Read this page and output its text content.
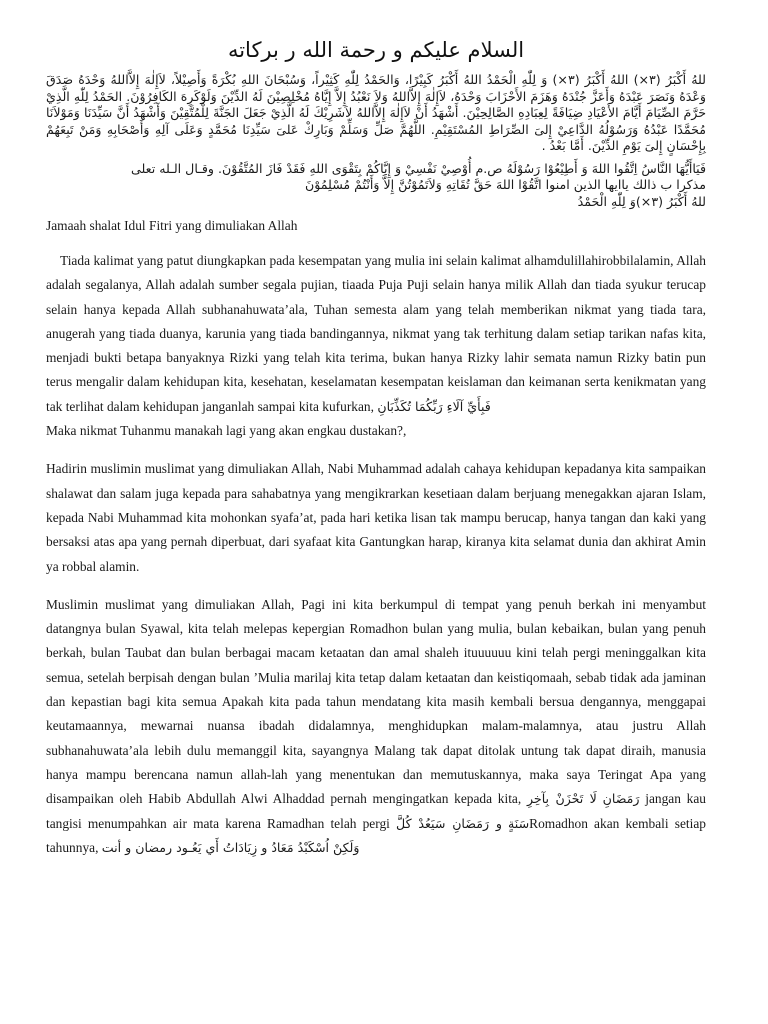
السلام عليكم و رحمة الله ر بركاته

للهُ أَكْبَرُ (٣×) اللهُ أَكْبَرُ (٣×) وَ لِلّٰهِ الْحَمْدُ اللهُ أَكْبَرُ كَبِيْرًا، وَالحَمْدُ لِلّٰهِ كَثِيْراً، وَسُبْحَانَ اللهِ بُكْرَةً وَأَصِيْلاً، لاَإِلٰهَ إِلاَّاللهُ وَحْدَهُ صَدَقَ وَعْدَهُ وَنَصَرَ عَبْدَهُ وَأَعَزَّ جُنْدَهُ وَهَزَمَ الأَحْزَابَ وَحْدَهُ، لاَإِلٰهَ إِلاَّاللهُ وَلاَ نَعْبُدُ إِلاَّ إِيَّاهُ مُخْلِصِيْنَ لَهُ الدِّيْنَ وَلَوْكَرِهَ الكَافِرُوْنَ. الحَمْدُ لِلّٰهِ الَّذِيْ حَرَّمَ الصِّيَامَ أَيَّامَ الأَعْيَادِ ضِيَافَةً لِعِبَادِهِ الصَّالِحِيْنَ. أَشْهَدُ أَنْ لاَإِلٰهَ إِلاَّاللهُ لاَشَرِيْكَ لَهُ الَّذِيْ جَعَلَ الجَنَّةَ لِلْمُتَّقِيْنَ وَأَشْهَدُ أَنَّ سَيِّدَنَا وَمَوْلاَنَا مُحَمَّدًا عَبْدُهُ وَرَسُوْلُهُ الدَّاعِيْ إِلىَ الصِّرَاطِ المُسْتَقِيْمِ. اللَّهُمَّ صَلِّ وَسَلِّمْ وَبَارِكْ عَلىَ سَيِّدِنَا مُحَمَّدٍ وَعَلَى آلِهِ وَأَصْحَابِهِ وَمَنْ تَبِعَهُمْ بِإِحْسَانٍ إِلىَ يَوْمِ الدِّيْنَ. أَمَّا بَعْدُ .

فَيَاأَيُّهَا النَّاسُ اِتَّقُوا اللهَ وَ أَطِيْعُوْا رَسُوْلَهُ ص.م أُوْصِيْ نَفْسِيْ وَ إِيَّاكُمْ بِتَقْوَى اللهِ فَقَدْ فَازَ المُتَّقُوْنَ. وقـال الـله تعلى
مذكرا ب ذالك ياايها الذين امنوا اتَّقُوْا اللهَ حَقَّ تُقَاتِهِ وَلاَتَمُوْتُنَّ إِلاَّ وَأَنْتُمْ مُسْلِمُوْنَ
للهُ أَكْبَرُ (٣×)وَ لِلّٰهِ الْحَمْدُ

Jamaah shalat Idul Fitri yang dimuliakan Allah

Tiada kalimat yang patut diungkapkan pada kesempatan yang mulia ini selain kalimat alhamdulillahirobbilalamin, Allah adalah segalanya, Allah adalah sumber segala pujian, tiaada Puja Puji selain hanya milik Allah dan tiada syukur terucap selain hanya kepada Allah subhanahuwata’ala, Tuhan semesta alam yang telah memberikan nikmat yang tiada tara, anugerah yang tiada duanya, karunia yang tiada bandingannya, nikmat yang tak terhitung dalam setiap tarikan nafas kita, menjadi bukti betapa banyaknya Rizki yang telah kita terima, bukan hanya Rizky lahir semata namun Rizky batin pun terus mengalir dalam kehidupan kita, kesehatan, keselamatan kesempatan keislaman dan keimanan serta kenikmatan yang tak terlihat dalam kehidupan janganlah sampai kita kufurkan, فَبِأَيِّ آلَاءِ رَبِّكُمَا تُكَذِّبَانِ
Maka nikmat Tuhanmu manakah lagi yang akan engkau dustakan?,

Hadirin muslimin muslimat yang dimuliakan Allah, Nabi Muhammad adalah cahaya kehidupan kepadanya kita sampaikan shalawat dan salam juga kepada para sahabatnya yang mengikrarkan kesetiaan dalam berjuang menegakkan ajaran Islam, kepada Nabi Muhammad kita mohonkan syafa’at, pada hari ketika lisan tak mampu berucap, hanya tangan dan kaki yang bersaksi atas apa yang pernah diperbuat, dari syafaat kita Gantungkan harap, kiranya kita selamat dunia dan akhirat Amin ya robbal alamin.

Muslimin muslimat yang dimuliakan Allah, Pagi ini kita berkumpul di tempat yang penuh berkah ini menyambut datangnya bulan Syawal, kita telah melepas kepergian Romadhon bulan yang mulia, bulan kebaikan, bulan yang penuh berkah, bulan Taubat dan bulan berbagai macam ketaatan dan amal shaleh ituuuuuu kini telah pergi meninggalkan kita semua, setelah berpisah dengan bulan ’Mulia marilaj kita tetap dalam ketaatan dan keistiqomaah, sebab tidak ada jaminan dan kepastian bagi kita semua Apakah kita pada tahun mendatang kita masih kembali bersua dengannya, menggapai keutamaannya, mewarnai nuansa ibadah didalamnya, menghidupkan malam-malamnya, atau justru Allah subhanahuwata’ala lebih dulu memanggil kita, sayangnya Malang tak dapat ditolak untung tak dapat diraih, manusia hanya mampu berencana namun allah-lah yang menentukan dan memutuskannya, maka saya Teringat Apa yang disampaikan oleh Habib Abdullah Alwi Alhaddad pernah mengingatkan kepada kita, لَا تَحْزَنْ بِآخِرِ رَمَضَانِ jangan kau tangisi menumpahkan air mata karena Ramadhan telah pergi و رَمَضَانِ سَيَعُدْ كُلَّ سَنَةٍRomadhon akan kembali setiap tahunnya, وَلَكِنْ اُسْكَبْدُ مَعَادُ و زِيَادَاتُ أَي يَعُـود رمضان و أنت
